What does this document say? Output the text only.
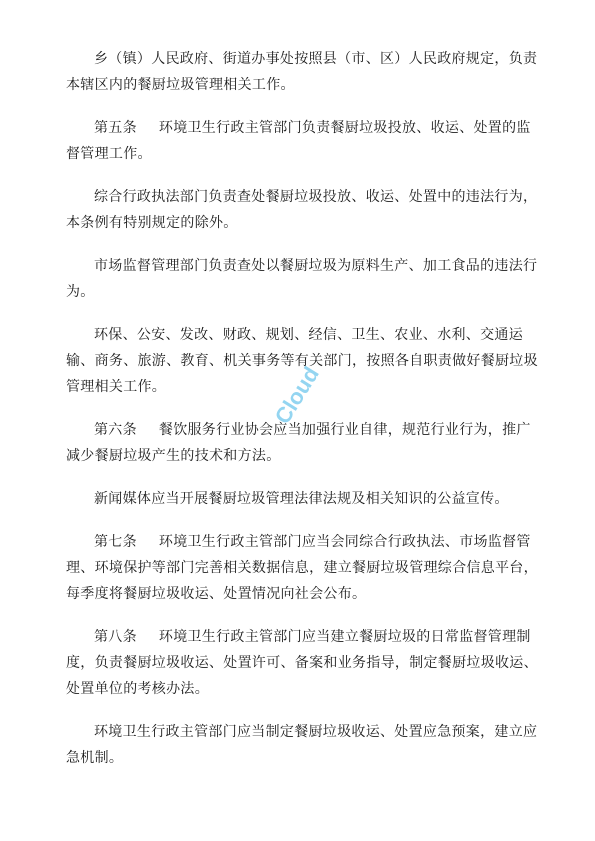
乡（镇）人民政府、街道办事处按照县（市、区）人民政府规定，负责
本辖区内的餐厨垃圾管理相关工作。

第五条 环境卫生行政主管部门负责餐厨垃圾投放、收运、处置的监
督管理工作。

综合行政执法部门负责查处餐厨垃圾投放、收运、处置中的违法行为，
本条例有特别规定的除外。

市场监督管理部门负责查处以餐厨垃圾为原料生产、加工食品的违法行
为。

环保、公安、发改、财政、规划、经信、卫生、农业、水利、交通运
输、商务、旅游、教育、机关事务等有关部门，按照各自职责做好餐厨垃圾
管理相关工作。

第六条 餐饮服务行业协会应当加强行业自律，规范行业行为，推广
减少餐厨垃圾产生的技术和方法。

新闻媒体应当开展餐厨垃圾管理法律法规及相关知识的公益宣传。

第七条 环境卫生行政主管部门应当会同综合行政执法、市场监督管
理、环境保护等部门完善相关数据信息，建立餐厨垃圾管理综合信息平台，
每季度将餐厨垃圾收运、处置情况向社会公布。

第八条 环境卫生行政主管部门应当建立餐厨垃圾的日常监督管理制
度，负责餐厨垃圾收运、处置许可、备案和业务指导，制定餐厨垃圾收运、
处置单位的考核办法。

环境卫生行政主管部门应当制定餐厨垃圾收运、处置应急预案，建立应
急机制。

Cloud
